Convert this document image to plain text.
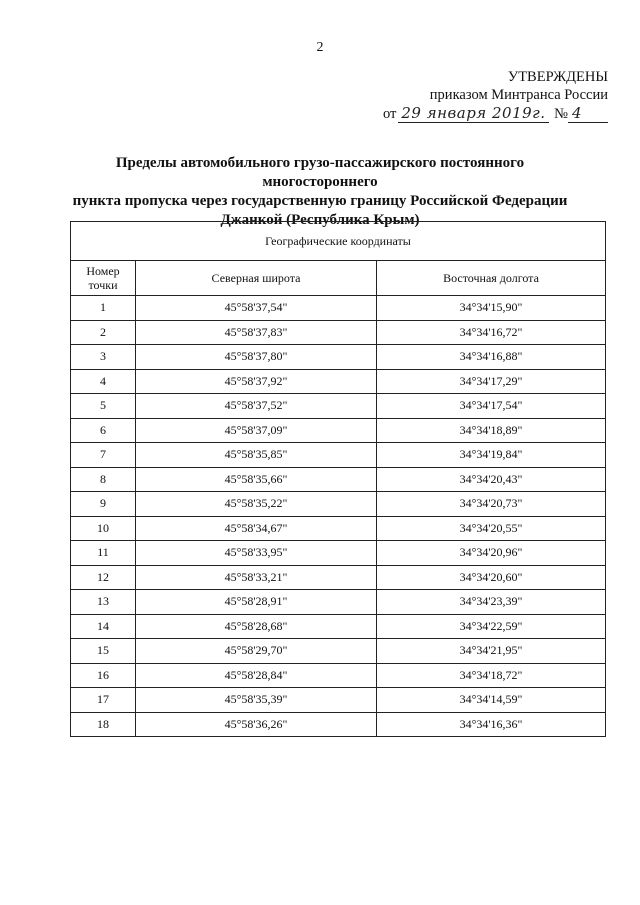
2
УТВЕРЖДЕНЫ
приказом Минтранса России
от 29 января 2019г. № 4
Пределы автомобильного грузо-пассажирского постоянного многостороннего
пункта пропуска через государственную границу Российской Федерации
Джанкой (Республика Крым)
Географические координаты		
Номер
точки	Северная широта	Восточная долгота
1	45°58'37,54"	34°34'15,90"
2	45°58'37,83"	34°34'16,72"
3	45°58'37,80"	34°34'16,88"
4	45°58'37,92"	34°34'17,29"
5	45°58'37,52"	34°34'17,54"
6	45°58'37,09"	34°34'18,89"
7	45°58'35,85"	34°34'19,84"
8	45°58'35,66"	34°34'20,43"
9	45°58'35,22"	34°34'20,73"
10	45°58'34,67"	34°34'20,55"
11	45°58'33,95"	34°34'20,96"
12	45°58'33,21"	34°34'20,60"
13	45°58'28,91"	34°34'23,39"
14	45°58'28,68"	34°34'22,59"
15	45°58'29,70"	34°34'21,95"
16	45°58'28,84"	34°34'18,72"
17	45°58'35,39"	34°34'14,59"
18	45°58'36,26"	34°34'16,36"
